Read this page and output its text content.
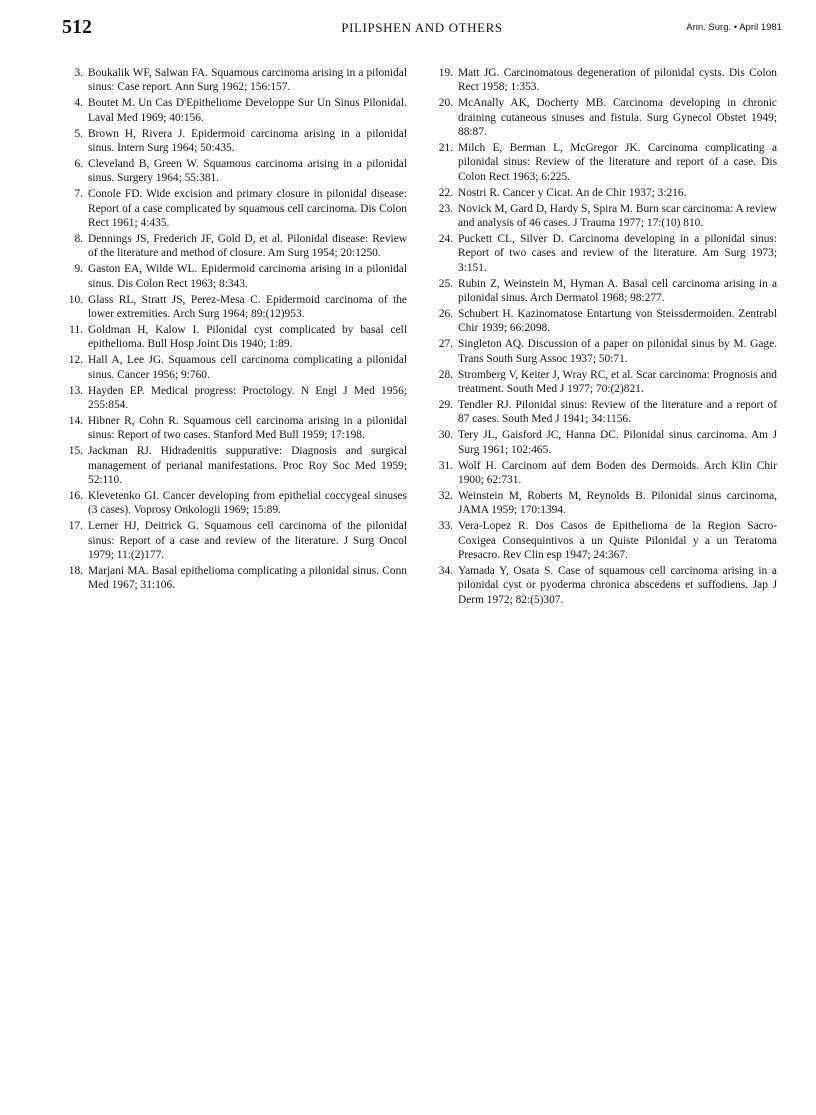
512	PILIPSHEN AND OTHERS	Ann. Surg. • April 1981

3. Boukalik WF, Salwan FA. Squamous carcinoma arising in a pilonidal sinus: Case report. Ann Surg 1962; 156:157.

4. Boutet M. Un Cas D'Epitheliome Developpe Sur Un Sinus Pilonidal. Laval Med 1969; 40:156.

5. Brown H, Rivera J. Epidermoid carcinoma arising in a pilonidal sinus. Intern Surg 1964; 50:435.

6. Cleveland B, Green W. Squamous carcinoma arising in a pilonidal sinus. Surgery 1964; 55:381.

7. Conole FD. Wide excision and primary closure in pilonidal disease: Report of a case complicated by squamous cell carcinoma. Dis Colon Rect 1961; 4:435.

8. Dennings JS, Frederich JF, Gold D, et al. Pilonidal disease: Review of the literature and method of closure. Am Surg 1954; 20:1250.

9. Gaston EA, Wilde WL. Epidermoid carcinoma arising in a pilonidal sinus. Dis Colon Rect 1963; 8:343.

10. Glass RL, Stratt JS, Perez-Mesa C. Epidermoid carcinoma of the lower extremities. Arch Surg 1964; 89:(12)953.

11. Goldman H, Kalow I. Pilonidal cyst complicated by basal cell epithelioma. Bull Hosp Joint Dis 1940; 1:89.

12. Hall A, Lee JG. Squamous cell carcinoma complicating a pilonidal sinus. Cancer 1956; 9:760.

13. Hayden EP. Medical progress: Proctology. N Engl J Med 1956; 255:854.

14. Hibner R, Cohn R. Squamous cell carcinoma arising in a pilonidal sinus: Report of two cases. Stanford Med Bull 1959; 17:198.

15. Jackman RJ. Hidradenitis suppurative: Diagnosis and surgical management of perianal manifestations. Proc Roy Soc Med 1959; 52:110.

16. Klevetenko GI. Cancer developing from epithelial coccygeal sinuses (3 cases). Voprosy Onkologii 1969; 15:89.

17. Lerner HJ, Deitrick G. Squamous cell carcinoma of the pilonidal sinus: Report of a case and review of the literature. J Surg Oncol 1979; 11:(2)177.

18. Marjani MA. Basal epithelioma complicating a pilonidal sinus. Conn Med 1967; 31:106.

19. Matt JG. Carcinomatous degeneration of pilonidal cysts. Dis Colon Rect 1958; 1:353.

20. McAnally AK, Docherty MB. Carcinoma developing in chronic draining cutaneous sinuses and fistula. Surg Gynecol Obstet 1949; 88:87.

21. Milch E, Berman L, McGregor JK. Carcinoma complicating a pilonidal sinus: Review of the literature and report of a case. Dis Colon Rect 1963; 6:225.

22. Nostri R. Cancer y Cicat. An de Chir 1937; 3:216.

23. Novick M, Gard D, Hardy S, Spira M. Burn scar carcinoma: A review and analysis of 46 cases. J Trauma 1977; 17:(10) 810.

24. Puckett CL, Silver D. Carcinoma developing in a pilonidal sinus: Report of two cases and review of the literature. Am Surg 1973; 3:151.

25. Rubin Z, Weinstein M, Hyman A. Basal cell carcinoma arising in a pilonidal sinus. Arch Dermatol 1968; 98:277.

26. Schubert H. Kazinomatose Entartung von Steissdermoiden. Zentrabl Chir 1939; 66:2098.

27. Singleton AQ. Discussion of a paper on pilonidal sinus by M. Gage. Trans South Surg Assoc 1937; 50:71.

28. Stromberg V, Keiter J, Wray RC, et al. Scar carcinoma: Prognosis and treatment. South Med J 1977; 70:(2)821.

29. Tendler RJ. Pilonidal sinus: Review of the literature and a report of 87 cases. South Med J 1941; 34:1156.

30. Tery JL, Gaisford JC, Hanna DC. Pilonidal sinus carcinoma. Am J Surg 1961; 102:465.

31. Wolf H. Carcinom auf dem Boden des Dermoids. Arch Klin Chir 1900; 62:731.

32. Weinstein M, Roberts M, Reynolds B. Pilonidal sinus carcinoma, JAMA 1959; 170:1394.

33. Vera-Lopez R. Dos Casos de Epithelioma de la Region Sacro-Coxigea Consequintivos a un Quiste Pilonidal y a un Teratoma Presacro. Rev Clin esp 1947; 24:367.

34. Yamada Y, Osata S. Case of squamous cell carcinoma arising in a pilonidal cyst or pyoderma chronica abscedens et suffodiens. Jap J Derm 1972; 82:(5)307.
